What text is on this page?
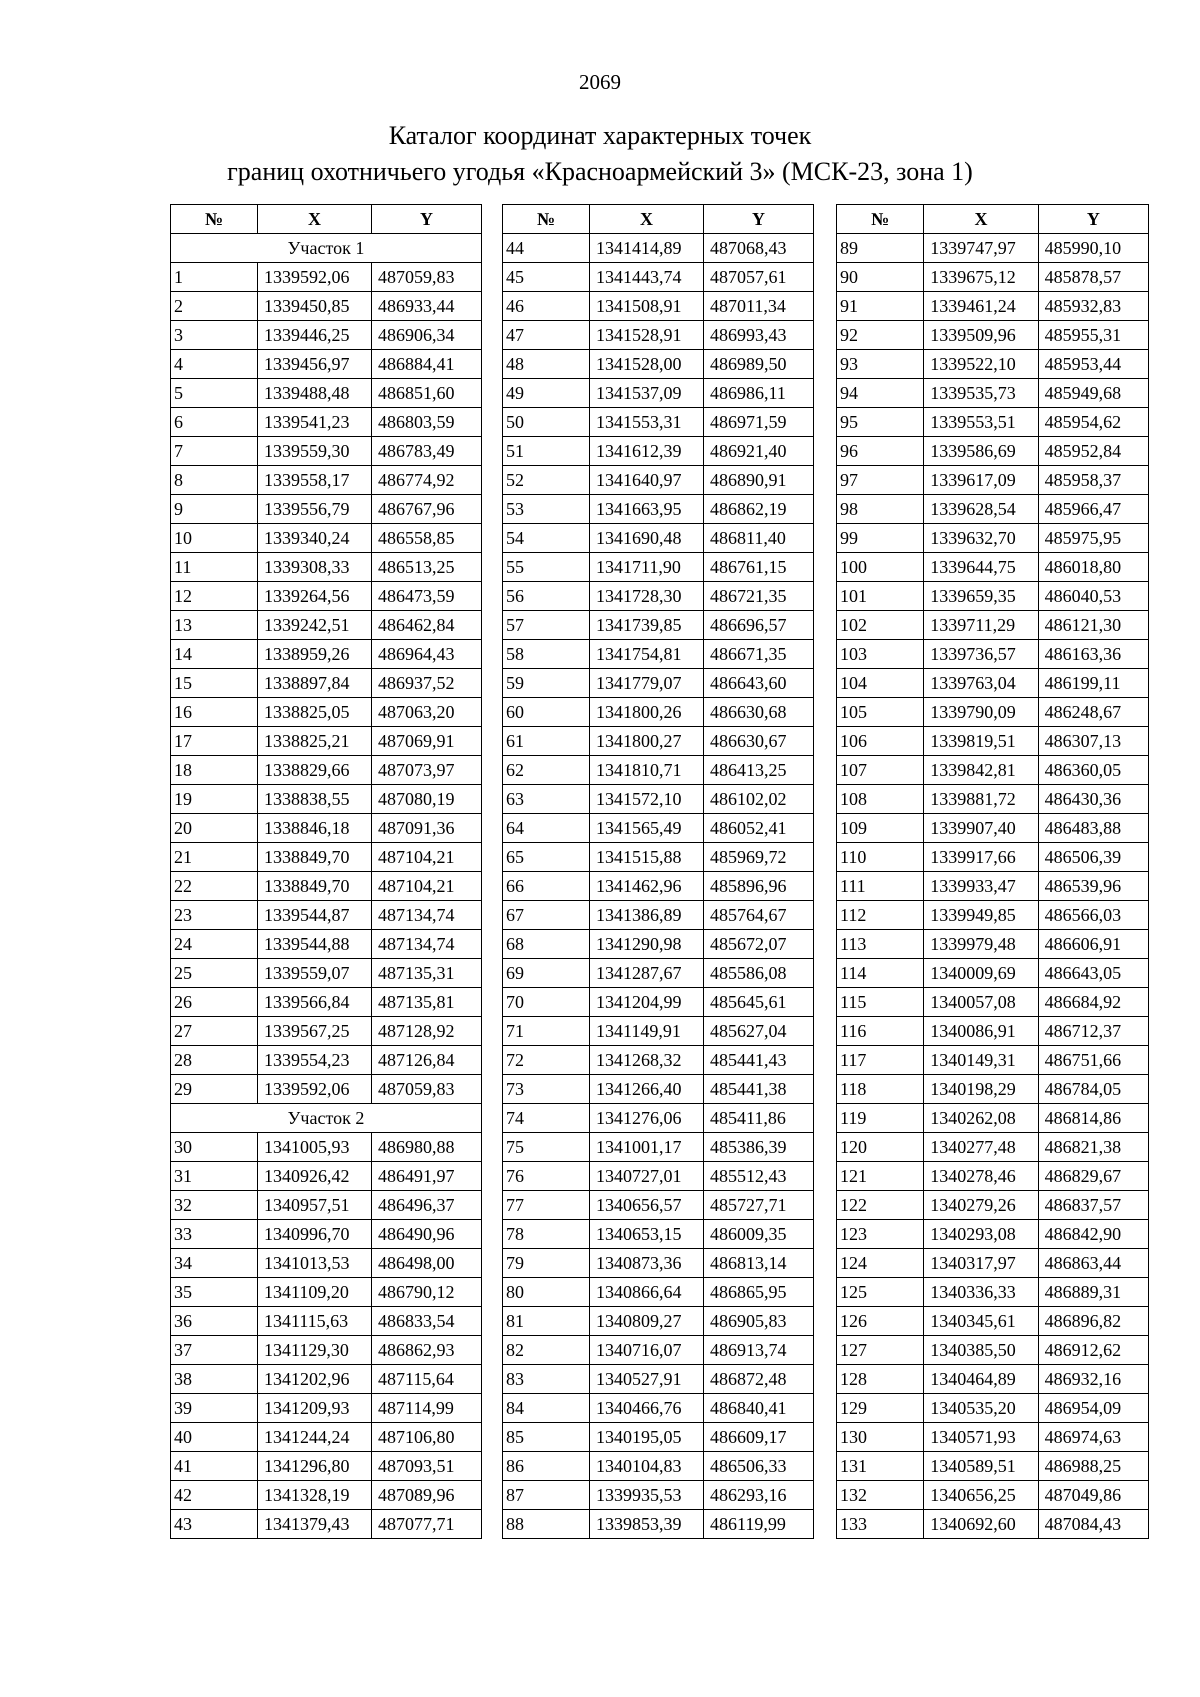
2069
Каталог координат характерных точек
границ охотничьего угодья «Красноармейский 3» (МСК-23, зона 1)
№	X	Y
Участок 1		
1	1339592,06	487059,83
2	1339450,85	486933,44
3	1339446,25	486906,34
4	1339456,97	486884,41
5	1339488,48	486851,60
6	1339541,23	486803,59
7	1339559,30	486783,49
8	1339558,17	486774,92
9	1339556,79	486767,96
10	1339340,24	486558,85
11	1339308,33	486513,25
12	1339264,56	486473,59
13	1339242,51	486462,84
14	1338959,26	486964,43
15	1338897,84	486937,52
16	1338825,05	487063,20
17	1338825,21	487069,91
18	1338829,66	487073,97
19	1338838,55	487080,19
20	1338846,18	487091,36
21	1338849,70	487104,21
22	1338849,70	487104,21
23	1339544,87	487134,74
24	1339544,88	487134,74
25	1339559,07	487135,31
26	1339566,84	487135,81
27	1339567,25	487128,92
28	1339554,23	487126,84
29	1339592,06	487059,83
Участок 2		
30	1341005,93	486980,88
31	1340926,42	486491,97
32	1340957,51	486496,37
33	1340996,70	486490,96
34	1341013,53	486498,00
35	1341109,20	486790,12
36	1341115,63	486833,54
37	1341129,30	486862,93
38	1341202,96	487115,64
39	1341209,93	487114,99
40	1341244,24	487106,80
41	1341296,80	487093,51
42	1341328,19	487089,96
43	1341379,43	487077,71
№	X	Y
44	1341414,89	487068,43
45	1341443,74	487057,61
46	1341508,91	487011,34
47	1341528,91	486993,43
48	1341528,00	486989,50
49	1341537,09	486986,11
50	1341553,31	486971,59
51	1341612,39	486921,40
52	1341640,97	486890,91
53	1341663,95	486862,19
54	1341690,48	486811,40
55	1341711,90	486761,15
56	1341728,30	486721,35
57	1341739,85	486696,57
58	1341754,81	486671,35
59	1341779,07	486643,60
60	1341800,26	486630,68
61	1341800,27	486630,67
62	1341810,71	486413,25
63	1341572,10	486102,02
64	1341565,49	486052,41
65	1341515,88	485969,72
66	1341462,96	485896,96
67	1341386,89	485764,67
68	1341290,98	485672,07
69	1341287,67	485586,08
70	1341204,99	485645,61
71	1341149,91	485627,04
72	1341268,32	485441,43
73	1341266,40	485441,38
74	1341276,06	485411,86
75	1341001,17	485386,39
76	1340727,01	485512,43
77	1340656,57	485727,71
78	1340653,15	486009,35
79	1340873,36	486813,14
80	1340866,64	486865,95
81	1340809,27	486905,83
82	1340716,07	486913,74
83	1340527,91	486872,48
84	1340466,76	486840,41
85	1340195,05	486609,17
86	1340104,83	486506,33
87	1339935,53	486293,16
88	1339853,39	486119,99
№	X	Y
89	1339747,97	485990,10
90	1339675,12	485878,57
91	1339461,24	485932,83
92	1339509,96	485955,31
93	1339522,10	485953,44
94	1339535,73	485949,68
95	1339553,51	485954,62
96	1339586,69	485952,84
97	1339617,09	485958,37
98	1339628,54	485966,47
99	1339632,70	485975,95
100	1339644,75	486018,80
101	1339659,35	486040,53
102	1339711,29	486121,30
103	1339736,57	486163,36
104	1339763,04	486199,11
105	1339790,09	486248,67
106	1339819,51	486307,13
107	1339842,81	486360,05
108	1339881,72	486430,36
109	1339907,40	486483,88
110	1339917,66	486506,39
111	1339933,47	486539,96
112	1339949,85	486566,03
113	1339979,48	486606,91
114	1340009,69	486643,05
115	1340057,08	486684,92
116	1340086,91	486712,37
117	1340149,31	486751,66
118	1340198,29	486784,05
119	1340262,08	486814,86
120	1340277,48	486821,38
121	1340278,46	486829,67
122	1340279,26	486837,57
123	1340293,08	486842,90
124	1340317,97	486863,44
125	1340336,33	486889,31
126	1340345,61	486896,82
127	1340385,50	486912,62
128	1340464,89	486932,16
129	1340535,20	486954,09
130	1340571,93	486974,63
131	1340589,51	486988,25
132	1340656,25	487049,86
133	1340692,60	487084,43
